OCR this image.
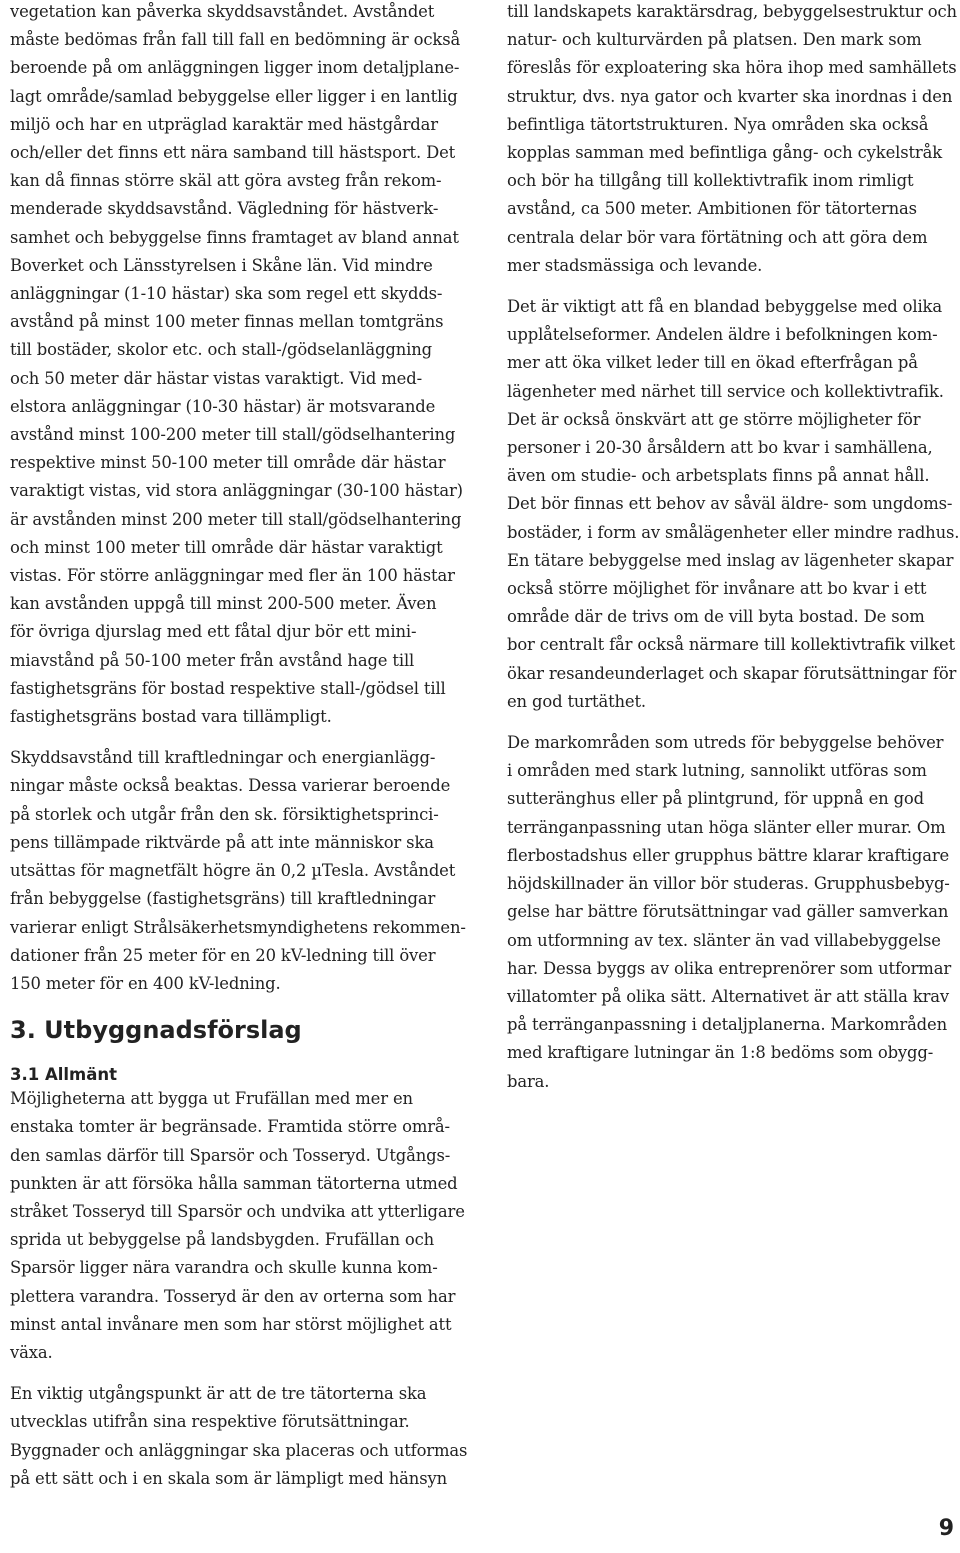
vegetation kan påverka skyddsavståndet. Avståndet
måste bedömas från fall till fall en bedömning är också
beroende på om anläggningen ligger inom detaljplane-
lagt område/samlad bebyggelse eller ligger i en lantlig
miljö och har en utpräglad karaktär med hästgårdar
och/eller det finns ett nära samband till hästsport. Det
kan då finnas större skäl att göra avsteg från rekom-
menderade skyddsavstånd. Vägledning för hästverk-
samhet och bebyggelse finns framtaget av bland annat
Boverket och Länsstyrelsen i Skåne län. Vid mindre
anläggningar (1-10 hästar) ska som regel ett skydds-
avstånd på minst 100 meter finnas mellan tomtgräns
till bostäder, skolor etc. och stall-/gödselanläggning
och 50 meter där hästar vistas varaktigt. Vid med-
elstora anläggningar (10-30 hästar) är motsvarande
avstånd minst 100-200 meter till stall/gödselhantering
respektive minst 50-100 meter till område där hästar
varaktigt vistas, vid stora anläggningar (30-100 hästar)
är avstånden minst 200 meter till stall/gödselhantering
och minst 100 meter till område där hästar varaktigt
vistas. För större anläggningar med fler än 100 hästar
kan avstånden uppgå till minst 200-500 meter. Även
för övriga djurslag med ett fåtal djur bör ett mini-
miavstånd på 50-100 meter från avstånd hage till
fastighetsgräns för bostad respektive stall-/gödsel till
fastighetsgräns bostad vara tillämpligt.

Skyddsavstånd till kraftledningar och energianlägg-
ningar måste också beaktas. Dessa varierar beroende
på storlek och utgår från den sk. försiktighetsprinci-
pens tillämpade riktvärde på att inte människor ska
utsättas för magnetfält högre än 0,2 µTesla. Avståndet
från bebyggelse (fastighetsgräns) till kraftledningar
varierar enligt Strålsäkerhetsmyndighetens rekommen-
dationer från 25 meter för en 20 kV-ledning till över
150 meter för en 400 kV-ledning.

3. Utbyggnadsförslag
3.1 Allmänt

Möjligheterna att bygga ut Frufällan med mer en
enstaka tomter är begränsade. Framtida större områ-
den samlas därför till Sparsör och Tosseryd. Utgångs-
punkten är att försöka hålla samman tätorterna utmed
stråket Tosseryd till Sparsör och undvika att ytterligare
sprida ut bebyggelse på landsbygden. Frufällan och
Sparsör ligger nära varandra och skulle kunna kom-
plettera varandra. Tosseryd är den av orterna som har
minst antal invånare men som har störst möjlighet att
växa.

En viktig utgångspunkt är att de tre tätorterna ska
utvecklas utifrån sina respektive förutsättningar.
Byggnader och anläggningar ska placeras och utformas
på ett sätt och i en skala som är lämpligt med hänsyn

till landskapets karaktärsdrag, bebyggelsestruktur och
natur- och kulturvärden på platsen. Den mark som
föreslås för exploatering ska höra ihop med samhällets
struktur, dvs. nya gator och kvarter ska inordnas i den
befintliga tätortstrukturen. Nya områden ska också
kopplas samman med befintliga gång- och cykelstråk
och bör ha tillgång till kollektivtrafik inom rimligt
avstånd, ca 500 meter. Ambitionen för tätorternas
centrala delar bör vara förtätning och att göra dem
mer stadsmässiga och levande.

Det är viktigt att få en blandad bebyggelse med olika
upplåtelseformer. Andelen äldre i befolkningen kom-
mer att öka vilket leder till en ökad efterfrågan på
lägenheter med närhet till service och kollektivtrafik.
Det är också önskvärt att ge större möjligheter för
personer i 20-30 årsåldern att bo kvar i samhällena,
även om studie- och arbetsplats finns på annat håll.
Det bör finnas ett behov av såväl äldre- som ungdoms-
bostäder, i form av smålägenheter eller mindre radhus.
En tätare bebyggelse med inslag av lägenheter skapar
också större möjlighet för invånare att bo kvar i ett
område där de trivs om de vill byta bostad. De som
bor centralt får också närmare till kollektivtrafik vilket
ökar resandeunderlaget och skapar förutsättningar för
en god turtäthet.

De markområden som utreds för bebyggelse behöver
i områden med stark lutning, sannolikt utföras som
sutteränghus eller på plintgrund, för uppnå en god
terränganpassning utan höga slänter eller murar. Om
flerbostadshus eller grupphus bättre klarar kraftigare
höjdskillnader än villor bör studeras. Grupphusbebyg-
gelse har bättre förutsättningar vad gäller samverkan
om utformning av tex. slänter än vad villabebyggelse
har. Dessa byggs av olika entreprenörer som utformar
villatomter på olika sätt. Alternativet är att ställa krav
på terränganpassning i detaljplanerna. Markområden
med kraftigare lutningar än 1:8 bedöms som obygg-
bara.

9
